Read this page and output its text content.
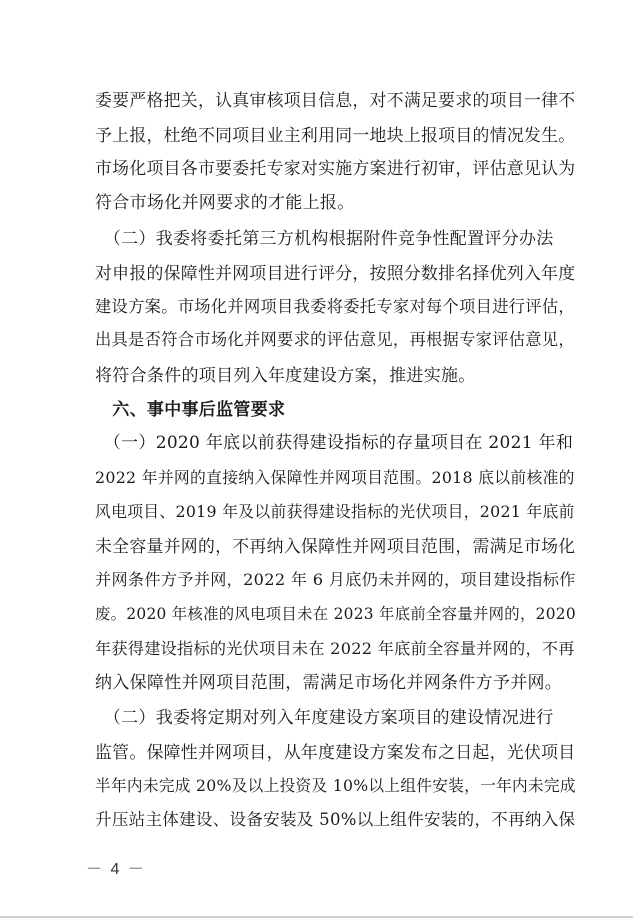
委要严格把关，认真审核项目信息，对不满足要求的项目一律不
予上报，杜绝不同项目业主利用同一地块上报项目的情况发生。
市场化项目各市要委托专家对实施方案进行初审，评估意见认为
符合市场化并网要求的才能上报。
　（二）我委将委托第三方机构根据附件竞争性配置评分办法
对申报的保障性并网项目进行评分，按照分数排名择优列入年度
建设方案。市场化并网项目我委将委托专家对每个项目进行评估，
出具是否符合市场化并网要求的评估意见，再根据专家评估意见，
将符合条件的项目列入年度建设方案，推进实施。
　六、事中事后监管要求
　（一）2020 年底以前获得建设指标的存量项目在 2021 年和
2022 年并网的直接纳入保障性并网项目范围。2018 底以前核准的
风电项目、2019 年及以前获得建设指标的光伏项目，2021 年底前
未全容量并网的，不再纳入保障性并网项目范围，需满足市场化
并网条件方予并网，2022 年 6 月底仍未并网的，项目建设指标作
废。2020 年核准的风电项目未在 2023 年底前全容量并网的，2020
年获得建设指标的光伏项目未在 2022 年底前全容量并网的，不再
纳入保障性并网项目范围，需满足市场化并网条件方予并网。
　（二）我委将定期对列入年度建设方案项目的建设情况进行
监管。保障性并网项目，从年度建设方案发布之日起，光伏项目
半年内未完成 20%及以上投资及 10%以上组件安装，一年内未完成
升压站主体建设、设备安装及 50%以上组件安装的，不再纳入保
－ 4 －
